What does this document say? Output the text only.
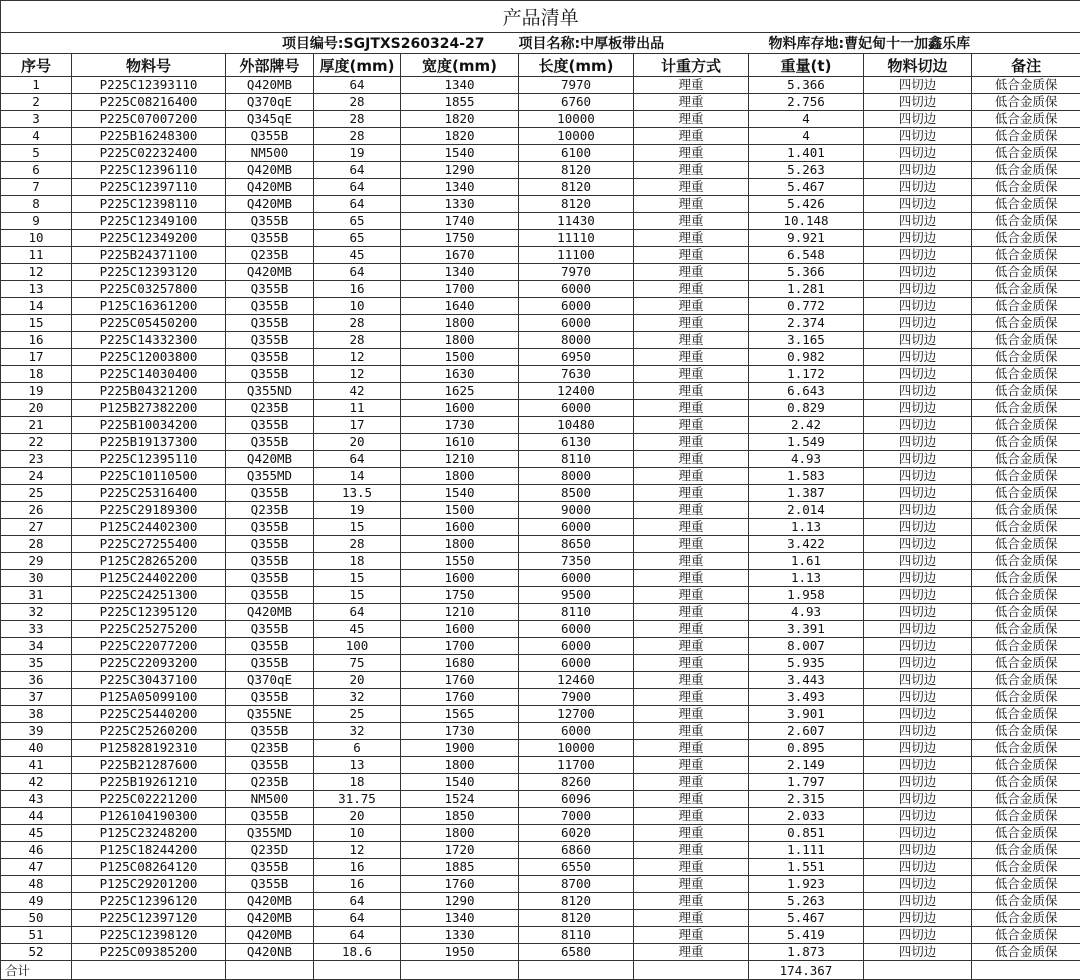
产品清单									
项目编号:SGJTXS260324-27					项目名称:中厚板带出品		物料库存地:曹妃甸十一加鑫乐库		
序号	物料号	外部牌号	厚度(mm)	宽度(mm)	长度(mm)	计重方式	重量(t)	物料切边	备注
1	P225C12393110	Q420MB	64	1340	7970	理重	5.366	四切边	低合金质保
2	P225C08216400	Q370qE	28	1855	6760	理重	2.756	四切边	低合金质保
3	P225C07007200	Q345qE	28	1820	10000	理重	4	四切边	低合金质保
4	P225B16248300	Q355B	28	1820	10000	理重	4	四切边	低合金质保
5	P225C02232400	NM500	19	1540	6100	理重	1.401	四切边	低合金质保
6	P225C12396110	Q420MB	64	1290	8120	理重	5.263	四切边	低合金质保
7	P225C12397110	Q420MB	64	1340	8120	理重	5.467	四切边	低合金质保
8	P225C12398110	Q420MB	64	1330	8120	理重	5.426	四切边	低合金质保
9	P225C12349100	Q355B	65	1740	11430	理重	10.148	四切边	低合金质保
10	P225C12349200	Q355B	65	1750	11110	理重	9.921	四切边	低合金质保
11	P225B24371100	Q235B	45	1670	11100	理重	6.548	四切边	低合金质保
12	P225C12393120	Q420MB	64	1340	7970	理重	5.366	四切边	低合金质保
13	P225C03257800	Q355B	16	1700	6000	理重	1.281	四切边	低合金质保
14	P125C16361200	Q355B	10	1640	6000	理重	0.772	四切边	低合金质保
15	P225C05450200	Q355B	28	1800	6000	理重	2.374	四切边	低合金质保
16	P225C14332300	Q355B	28	1800	8000	理重	3.165	四切边	低合金质保
17	P225C12003800	Q355B	12	1500	6950	理重	0.982	四切边	低合金质保
18	P225C14030400	Q355B	12	1630	7630	理重	1.172	四切边	低合金质保
19	P225B04321200	Q355ND	42	1625	12400	理重	6.643	四切边	低合金质保
20	P125B27382200	Q235B	11	1600	6000	理重	0.829	四切边	低合金质保
21	P225B10034200	Q355B	17	1730	10480	理重	2.42	四切边	低合金质保
22	P225B19137300	Q355B	20	1610	6130	理重	1.549	四切边	低合金质保
23	P225C12395110	Q420MB	64	1210	8110	理重	4.93	四切边	低合金质保
24	P225C10110500	Q355MD	14	1800	8000	理重	1.583	四切边	低合金质保
25	P225C25316400	Q355B	13.5	1540	8500	理重	1.387	四切边	低合金质保
26	P225C29189300	Q235B	19	1500	9000	理重	2.014	四切边	低合金质保
27	P125C24402300	Q355B	15	1600	6000	理重	1.13	四切边	低合金质保
28	P225C27255400	Q355B	28	1800	8650	理重	3.422	四切边	低合金质保
29	P125C28265200	Q355B	18	1550	7350	理重	1.61	四切边	低合金质保
30	P125C24402200	Q355B	15	1600	6000	理重	1.13	四切边	低合金质保
31	P225C24251300	Q355B	15	1750	9500	理重	1.958	四切边	低合金质保
32	P225C12395120	Q420MB	64	1210	8110	理重	4.93	四切边	低合金质保
33	P225C25275200	Q355B	45	1600	6000	理重	3.391	四切边	低合金质保
34	P225C22077200	Q355B	100	1700	6000	理重	8.007	四切边	低合金质保
35	P225C22093200	Q355B	75	1680	6000	理重	5.935	四切边	低合金质保
36	P225C30437100	Q370qE	20	1760	12460	理重	3.443	四切边	低合金质保
37	P125A05099100	Q355B	32	1760	7900	理重	3.493	四切边	低合金质保
38	P225C25440200	Q355NE	25	1565	12700	理重	3.901	四切边	低合金质保
39	P225C25260200	Q355B	32	1730	6000	理重	2.607	四切边	低合金质保
40	P125828192310	Q235B	6	1900	10000	理重	0.895	四切边	低合金质保
41	P225B21287600	Q355B	13	1800	11700	理重	2.149	四切边	低合金质保
42	P225B19261210	Q235B	18	1540	8260	理重	1.797	四切边	低合金质保
43	P225C02221200	NM500	31.75	1524	6096	理重	2.315	四切边	低合金质保
44	P126104190300	Q355B	20	1850	7000	理重	2.033	四切边	低合金质保
45	P125C23248200	Q355MD	10	1800	6020	理重	0.851	四切边	低合金质保
46	P125C18244200	Q235D	12	1720	6860	理重	1.111	四切边	低合金质保
47	P125C08264120	Q355B	16	1885	6550	理重	1.551	四切边	低合金质保
48	P125C29201200	Q355B	16	1760	8700	理重	1.923	四切边	低合金质保
49	P225C12396120	Q420MB	64	1290	8120	理重	5.263	四切边	低合金质保
50	P225C12397120	Q420MB	64	1340	8120	理重	5.467	四切边	低合金质保
51	P225C12398120	Q420MB	64	1330	8110	理重	5.419	四切边	低合金质保
52	P225C09385200	Q420NB	18.6	1950	6580	理重	1.873	四切边	低合金质保
合计							174.367		
